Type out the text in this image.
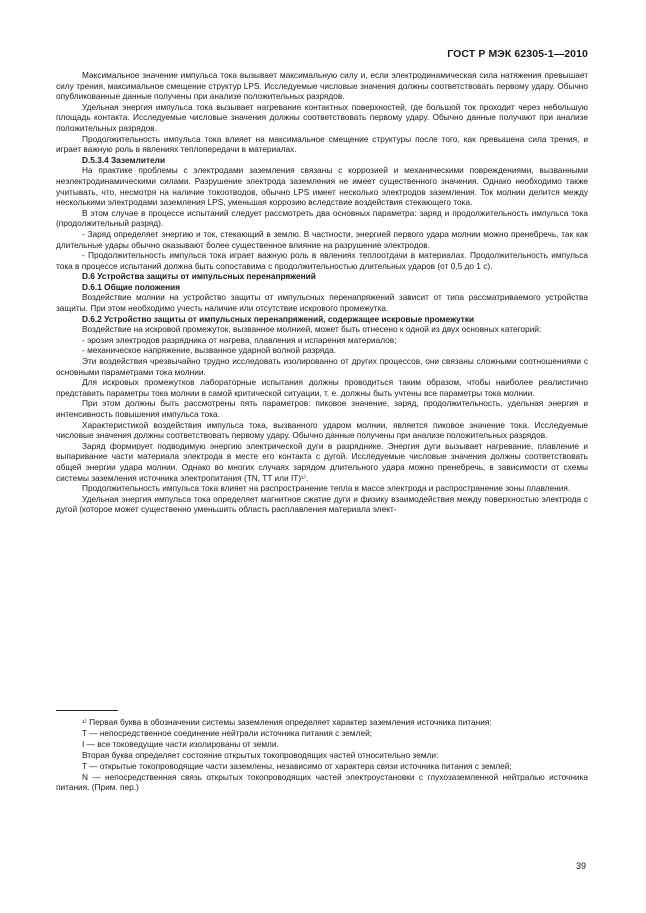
ГОСТ Р МЭК 62305-1—2010

Максимальное значение импульса тока вызывает максимальную силу и, если электродинамическая сила натяжения превышает силу трения, максимальное смещение структур LPS. Исследуемые числовые значения должны соответствовать первому удару. Обычно опубликованные данные получены при анализе положительных разрядов.

Удельная энергия импульса тока вызывает нагревание контактных поверхностей, где большой ток проходит через небольшую площадь контакта. Исследуемые числовые значения должны соответствовать первому удару. Обычно данные получают при анализе положительных разрядов.

Продолжительность импульса тока влияет на максимальное смещение структуры после того, как превышена сила трения, и играет важную роль в явлениях теплопередачи в материалах.

D.5.3.4 Заземлители

На практике проблемы с электродами заземления связаны с коррозией и механическими повреждениями, вызванными неэлектродинамическими силами. Разрушение электрода заземления не имеет существенного значения. Однако необходимо также учитывать, что, несмотря на наличие токоотводов, обычно LPS имеет несколько электродов заземления. Ток молнии делится между несколькими электродами заземления LPS, уменьшая коррозию вследствие воздействия стекающего тока.

В этом случае в процессе испытаний следует рассмотреть два основных параметра: заряд и продолжительность импульса тока (продолжительный разряд).

- Заряд определяет энергию и ток, стекающий в землю. В частности, энергией первого удара молнии можно пренебречь, так как длительные удары обычно оказывают более существенное влияние на разрушение электродов.

- Продолжительность импульса тока играет важную роль в явлениях теплоотдачи в материалах. Продолжительность импульса тока в процессе испытаний должна быть сопоставима с продолжительностью длительных ударов (от 0,5 до 1 с).

D.6 Устройства защиты от импульсных перенапряжений

D.6.1 Общие положения

Воздействие молнии на устройство защиты от импульсных перенапряжений зависит от типа рассматриваемого устройства защиты. При этом необходимо учесть наличие или отсутствие искрового промежутка.

D.6.2 Устройство защиты от импульсных перенапряжений, содержащее искровые промежутки

Воздействие на искровой промежуток, вызванное молнией, может быть отнесено к одной из двух основных категорий:

- эрозия электродов разрядника от нагрева, плавления и испарения материалов;

- механическое напряжение, вызванное ударной волной разряда.

Эти воздействия чрезвычайно трудно исследовать изолированно от других процессов, они связаны сложными соотношениями с основными параметрами тока молнии.

Для искровых промежутков лабораторные испытания должны проводиться таким образом, чтобы наиболее реалистично представить параметры тока молнии в самой критической ситуации, т. е. должны быть учтены все параметры тока молнии.

При этом должны быть рассмотрены пять параметров: пиковое значение, заряд, продолжительность, удельная энергия и интенсивность повышения импульса тока.

Характеристикой воздействия импульса тока, вызванного ударом молнии, является пиковое значение тока. Исследуемые числовые значения должны соответствовать первому удару. Обычно данные получены при анализе положительных разрядов.

Заряд формирует подводимую энергию электрической дуги в разряднике. Энергия дуги вызывает нагревание, плавление и выпаривание части материала электрода в месте его контакта с дугой. Исследуемые числовые значения должны соответствовать общей энергии удара молнии. Однако во многих случаях зарядом длительного удара можно пренебречь, в зависимости от схемы системы заземления источника электропитания (TN, TT или IT)¹⁾.

Продолжительность импульса тока влияет на распространение тепла в массе электрода и распространение зоны плавления.

Удельная энергия импульса тока определяет магнитное сжатие дуги и физику взаимодействия между поверхностью электрода с дугой (которое может существенно уменьшить область расплавления материала элект-

¹⁾ Первая буква в обозначении системы заземления определяет характер заземления источника питания:

T — непосредственное соединение нейтрали источника питания с землей;

I — все токоведущие части изолированы от земли.

Вторая буква определяет состояние открытых токопроводящих частей относительно земли:

T — открытые токопроводящие части заземлены, независимо от характера связи источника питания с землей;

N — непосредственная связь открытых токопроводящих частей электроустановки с глухозаземленной нейтралью источника питания. (Прим. пер.)

39
